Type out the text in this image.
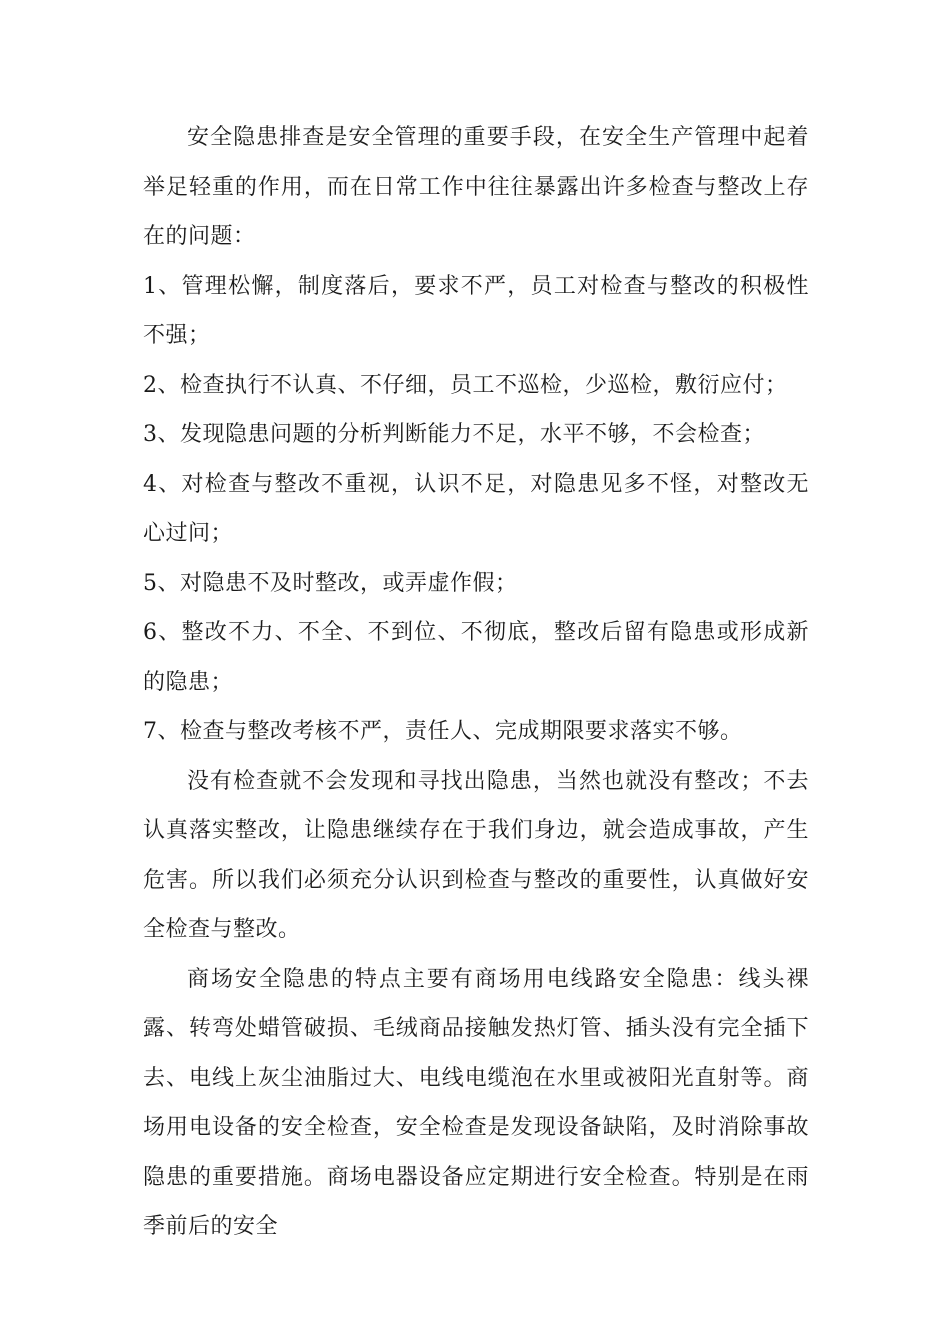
安全隐患排查是安全管理的重要手段，在安全生产管理中起着举足轻重的作用，而在日常工作中往往暴露出许多检查与整改上存在的问题：

1、管理松懈，制度落后，要求不严，员工对检查与整改的积极性不强；

2、检查执行不认真、不仔细，员工不巡检，少巡检，敷衍应付；

3、发现隐患问题的分析判断能力不足，水平不够，不会检查；

4、对检查与整改不重视，认识不足，对隐患见多不怪，对整改无心过问；

5、对隐患不及时整改，或弄虚作假；

6、整改不力、不全、不到位、不彻底，整改后留有隐患或形成新的隐患；

7、检查与整改考核不严，责任人、完成期限要求落实不够。

没有检查就不会发现和寻找出隐患，当然也就没有整改；不去认真落实整改，让隐患继续存在于我们身边，就会造成事故，产生危害。所以我们必须充分认识到检查与整改的重要性，认真做好安全检查与整改。

商场安全隐患的特点主要有商场用电线路安全隐患：线头裸露、转弯处蜡管破损、毛绒商品接触发热灯管、插头没有完全插下去、电线上灰尘油脂过大、电线电缆泡在水里或被阳光直射等。商场用电设备的安全检查，安全检查是发现设备缺陷，及时消除事故隐患的重要措施。商场电器设备应定期进行安全检查。特别是在雨季前后的安全
